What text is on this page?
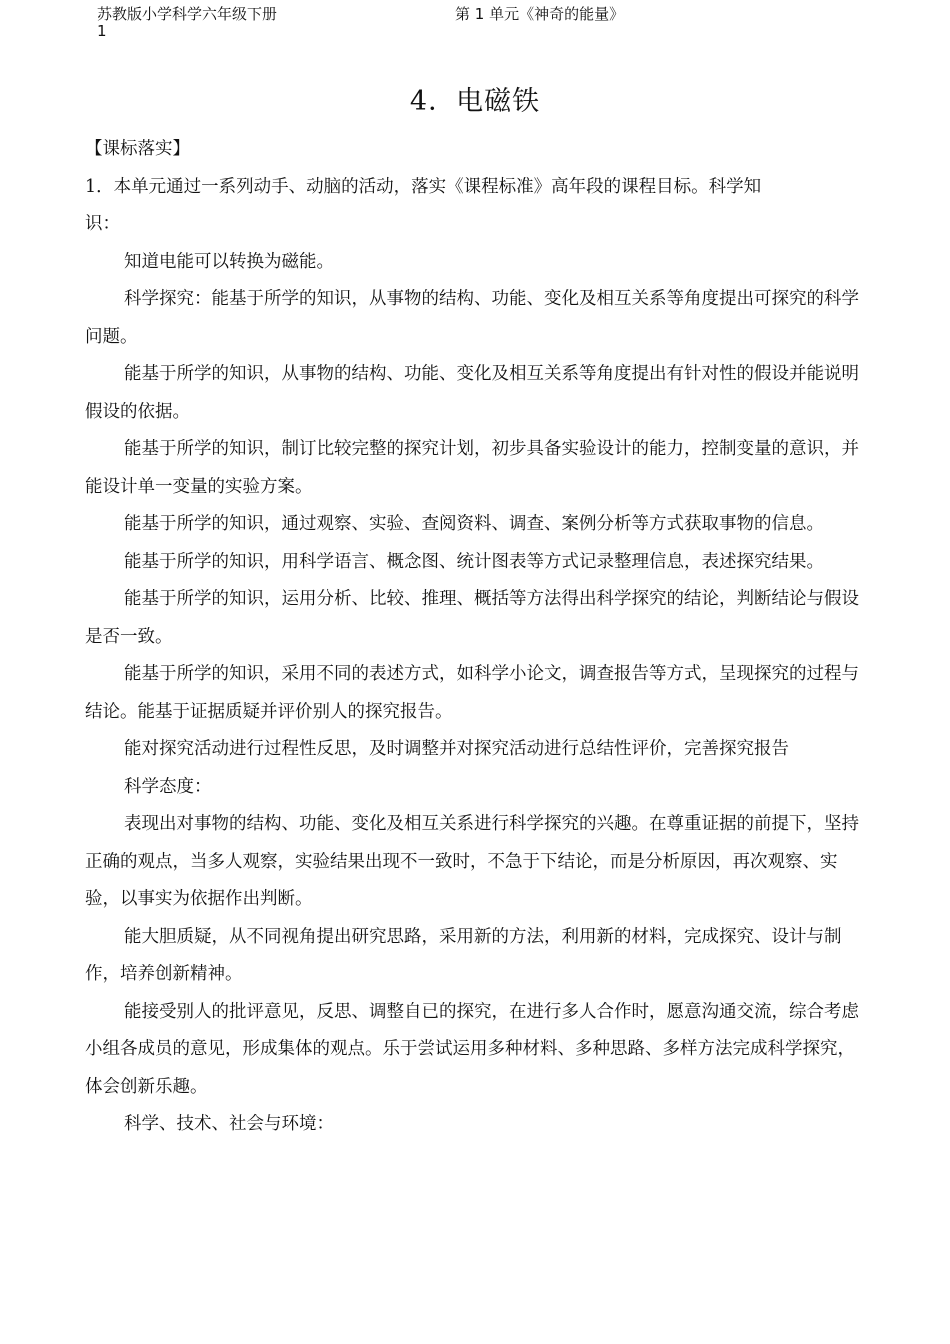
苏教版小学科学六年级下册
1
第 1 单元《神奇的能量》
4．电磁铁

【课标落实】

1．本单元通过一系列动手、动脑的活动，落实《课程标准》高年段的课程目标。科学知

识：

知道电能可以转换为磁能。

科学探究：能基于所学的知识，从事物的结构、功能、变化及相互关系等角度提出可探究的科学问题。

能基于所学的知识，从事物的结构、功能、变化及相互关系等角度提出有针对性的假设并能说明假设的依据。

能基于所学的知识，制订比较完整的探究计划，初步具备实验设计的能力，控制变量的意识，并能设计单一变量的实验方案。

能基于所学的知识，通过观察、实验、查阅资料、调查、案例分析等方式获取事物的信息。

能基于所学的知识，用科学语言、概念图、统计图表等方式记录整理信息，表述探究结果。

能基于所学的知识，运用分析、比较、推理、概括等方法得出科学探究的结论，判断结论与假设是否一致。

能基于所学的知识，采用不同的表述方式，如科学小论文，调查报告等方式，呈现探究的过程与结论。能基于证据质疑并评价别人的探究报告。

能对探究活动进行过程性反思，及时调整并对探究活动进行总结性评价，完善探究报告

科学态度：

表现出对事物的结构、功能、变化及相互关系进行科学探究的兴趣。在尊重证据的前提下，坚持正确的观点，当多人观察，实验结果出现不一致时，不急于下结论，而是分析原因，再次观察、实验，以事实为依据作出判断。

能大胆质疑，从不同视角提出研究思路，采用新的方法，利用新的材料，完成探究、设计与制作，培养创新精神。

能接受别人的批评意见，反思、调整自已的探究，在进行多人合作时，愿意沟通交流，综合考虑小组各成员的意见，形成集体的观点。乐于尝试运用多种材料、多种思路、多样方法完成科学探究，体会创新乐趣。

科学、技术、社会与环境：
